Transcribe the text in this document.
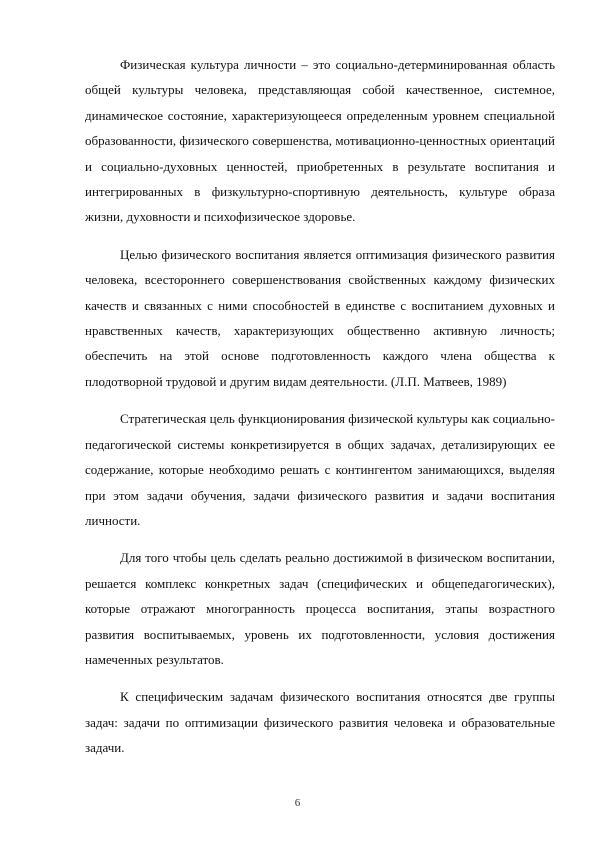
Физическая культура личности – это социально-детерминированная область общей культуры человека, представляющая собой качественное, системное, динамическое состояние, характеризующееся определенным уровнем специальной образованности, физического совершенства, мотивационно-ценностных ориентаций и социально-духовных ценностей, приобретенных в результате воспитания и интегрированных в физкультурно-спортивную деятельность, культуре образа жизни, духовности и психофизическое здоровье.

Целью физического воспитания является оптимизация физического развития человека, всестороннего совершенствования свойственных каждому физических качеств и связанных с ними способностей в единстве с воспитанием духовных и нравственных качеств, характеризующих общественно активную личность; обеспечить на этой основе подготовленность каждого члена общества к плодотворной трудовой и другим видам деятельности. (Л.П. Матвеев, 1989)

Стратегическая цель функционирования физической культуры как социально-педагогической системы конкретизируется в общих задачах, детализирующих ее содержание, которые необходимо решать с контингентом занимающихся, выделяя при этом задачи обучения, задачи физического развития и задачи воспитания личности.

Для того чтобы цель сделать реально достижимой в физическом воспитании, решается комплекс конкретных задач (специфических и общепедагогических), которые отражают многогранность процесса воспитания, этапы возрастного развития воспитываемых, уровень их подготовленности, условия достижения намеченных результатов.

К специфическим задачам физического воспитания относятся две группы задач: задачи по оптимизации физического развития человека и образовательные задачи.

6
